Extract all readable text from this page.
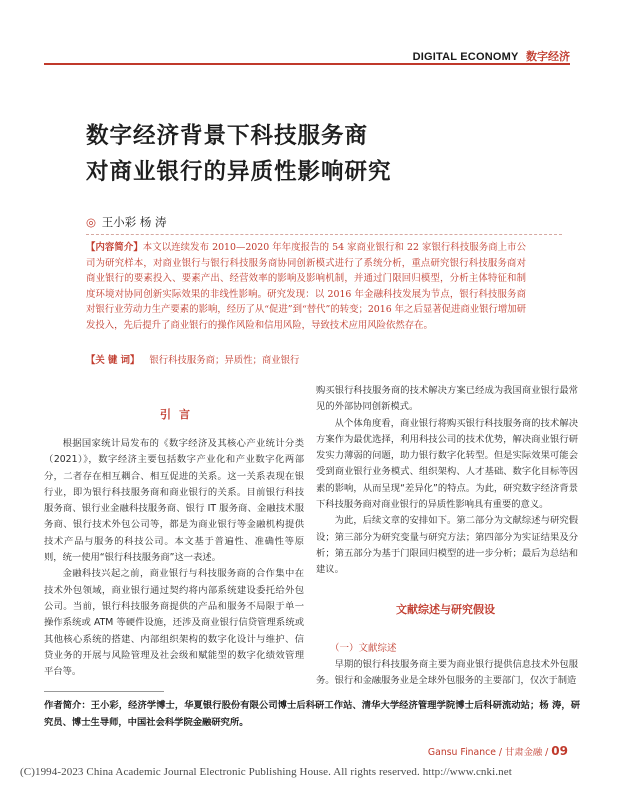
DIGITAL ECONOMY 数字经济
数字经济背景下科技服务商
对商业银行的异质性影响研究
◎ 王小彩 杨 涛
【内容简介】本文以连续发布 2010—2020 年年度报告的 54 家商业银行和 22 家银行科技服务商上市公司为研究样本，对商业银行与银行科技服务商协同创新模式进行了系统分析，重点研究银行科技服务商对商业银行的要素投入、要素产出、经营效率的影响及影响机制，并通过门限回归模型，分析主体特征和制度环境对协同创新实际效果的非线性影响。研究发现：以 2016 年金融科技发展为节点，银行科技服务商对银行业劳动力生产要素的影响，经历了从“促进”到“替代”的转变；2016 年之后显著促进商业银行增加研发投入，先后提升了商业银行的操作风险和信用风险，导致技术应用风险依然存在。
【关 键 词】 银行科技服务商；异质性；商业银行
引言

根据国家统计局发布的《数字经济及其核心产业统计分类（2021）》，数字经济主要包括数字产业化和产业数字化两部分，二者存在相互耦合、相互促进的关系。这一关系表现在银行业，即为银行科技服务商和商业银行的关系。目前银行科技服务商、银行业金融科技服务商、银行 IT 服务商、金融技术服务商、银行技术外包公司等，都是为商业银行等金融机构提供技术产品与服务的科技公司。本文基于普遍性、准确性等原则，统一使用“银行科技服务商”这一表述。

金融科技兴起之前，商业银行与科技服务商的合作集中在技术外包领域，商业银行通过契约将内部系统建设委托给外包公司。当前，银行科技服务商提供的产品和服务不局限于单一操作系统或 ATM 等硬件设施，还涉及商业银行信贷管理系统或其他核心系统的搭建、内部组织架构的数字化设计与维护、信贷业务的开展与风险管理及社会级和赋能型的数字化绩效管理平台等。

购买银行科技服务商的技术解决方案已经成为我国商业银行最常见的外部协同创新模式。

从个体角度看，商业银行将购买银行科技服务商的技术解决方案作为最优选择，利用科技公司的技术优势，解决商业银行研发实力薄弱的问题，助力银行数字化转型。但是实际效果可能会受到商业银行业务模式、组织架构、人才基础、数字化目标等因素的影响，从而呈现“差异化”的特点。为此，研究数字经济背景下科技服务商对商业银行的异质性影响具有重要的意义。

为此，后续文章的安排如下。第二部分为文献综述与研究假设；第三部分为研究变量与研究方法；第四部分为实证结果及分析；第五部分为基于门限回归模型的进一步分析；最后为总结和建议。

文献综述与研究假设
（一）文献综述

早期的银行科技服务商主要为商业银行提供信息技术外包服务。银行和金融服务业是全球外包服务的主要部门，仅次于制造

作者简介：王小彩，经济学博士，华夏银行股份有限公司博士后科研工作站、清华大学经济管理学院博士后科研流动站；杨 涛，研究员、博士生导师，中国社会科学院金融研究所。
Gansu Finance / 甘肃金融 / 09
(C)1994-2023 China Academic Journal Electronic Publishing House. All rights reserved. http://www.cnki.net
